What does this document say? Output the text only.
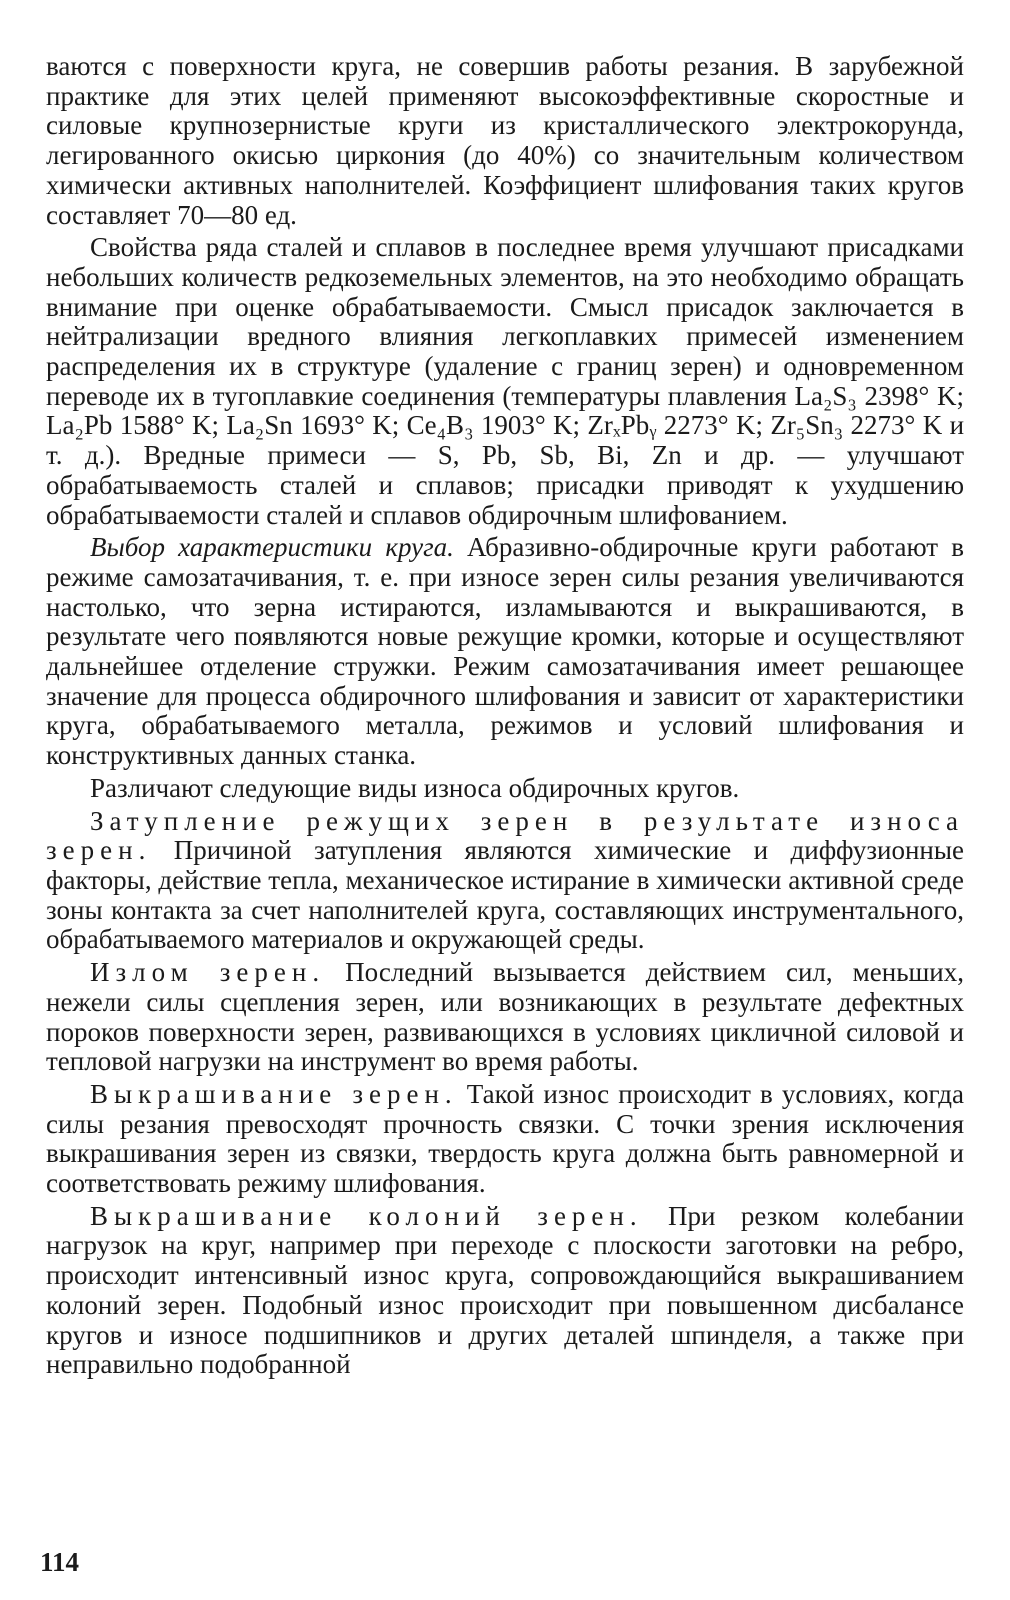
ваются с поверхности круга, не совершив работы резания. В зарубежной практике для этих целей применяют высокоэффективные скоростные и силовые крупнозернистые круги из кристаллического электрокорунда, легированного окисью циркония (до 40%) со значительным количеством химически активных наполнителей. Коэффициент шлифования таких кругов составляет 70—80 ед.

Свойства ряда сталей и сплавов в последнее время улучшают присадками небольших количеств редкоземельных элементов, на это необходимо обращать внимание при оценке обрабатываемости. Смысл присадок заключается в нейтрализации вредного влияния легкоплавких примесей изменением распределения их в структуре (удаление с границ зерен) и одновременном переводе их в тугоплавкие соединения (температуры плавления La₂S₃ 2398° K; La₂Pb 1588° K; La₂Sn 1693° K; Ce₄B₃ 1903° K; ZrₓPbᵧ 2273° K; Zr₅Sn₃ 2273° K и т. д.). Вредные примеси — S, Pb, Sb, Bi, Zn и др. — улучшают обрабатываемость сталей и сплавов; присадки приводят к ухудшению обрабатываемости сталей и сплавов обдирочным шлифованием.

Выбор характеристики круга. Абразивно-обдирочные круги работают в режиме самозатачивания, т. е. при износе зерен силы резания увеличиваются настолько, что зерна истираются, изламываются и выкрашиваются, в результате чего появляются новые режущие кромки, которые и осуществляют дальнейшее отделение стружки. Режим самозатачивания имеет решающее значение для процесса обдирочного шлифования и зависит от характеристики круга, обрабатываемого металла, режимов и условий шлифования и конструктивных данных станка.

Различают следующие виды износа обдирочных кругов.

Затупление режущих зерен в результате износа зерен. Причиной затупления являются химические и диффузионные факторы, действие тепла, механическое истирание в химически активной среде зоны контакта за счет наполнителей круга, составляющих инструментального, обрабатываемого материалов и окружающей среды.

Излом зерен. Последний вызывается действием сил, меньших, нежели силы сцепления зерен, или возникающих в результате дефектных пороков поверхности зерен, развивающихся в условиях цикличной силовой и тепловой нагрузки на инструмент во время работы.

Выкрашивание зерен. Такой износ происходит в условиях, когда силы резания превосходят прочность связки. С точки зрения исключения выкрашивания зерен из связки, твердость круга должна быть равномерной и соответствовать режиму шлифования.

Выкрашивание колоний зерен. При резком колебании нагрузок на круг, например при переходе с плоскости заготовки на ребро, происходит интенсивный износ круга, сопровождающийся выкрашиванием колоний зерен. Подобный износ происходит при повышенном дисбалансе кругов и износе подшипников и других деталей шпинделя, а также при неправильно подобранной

114
